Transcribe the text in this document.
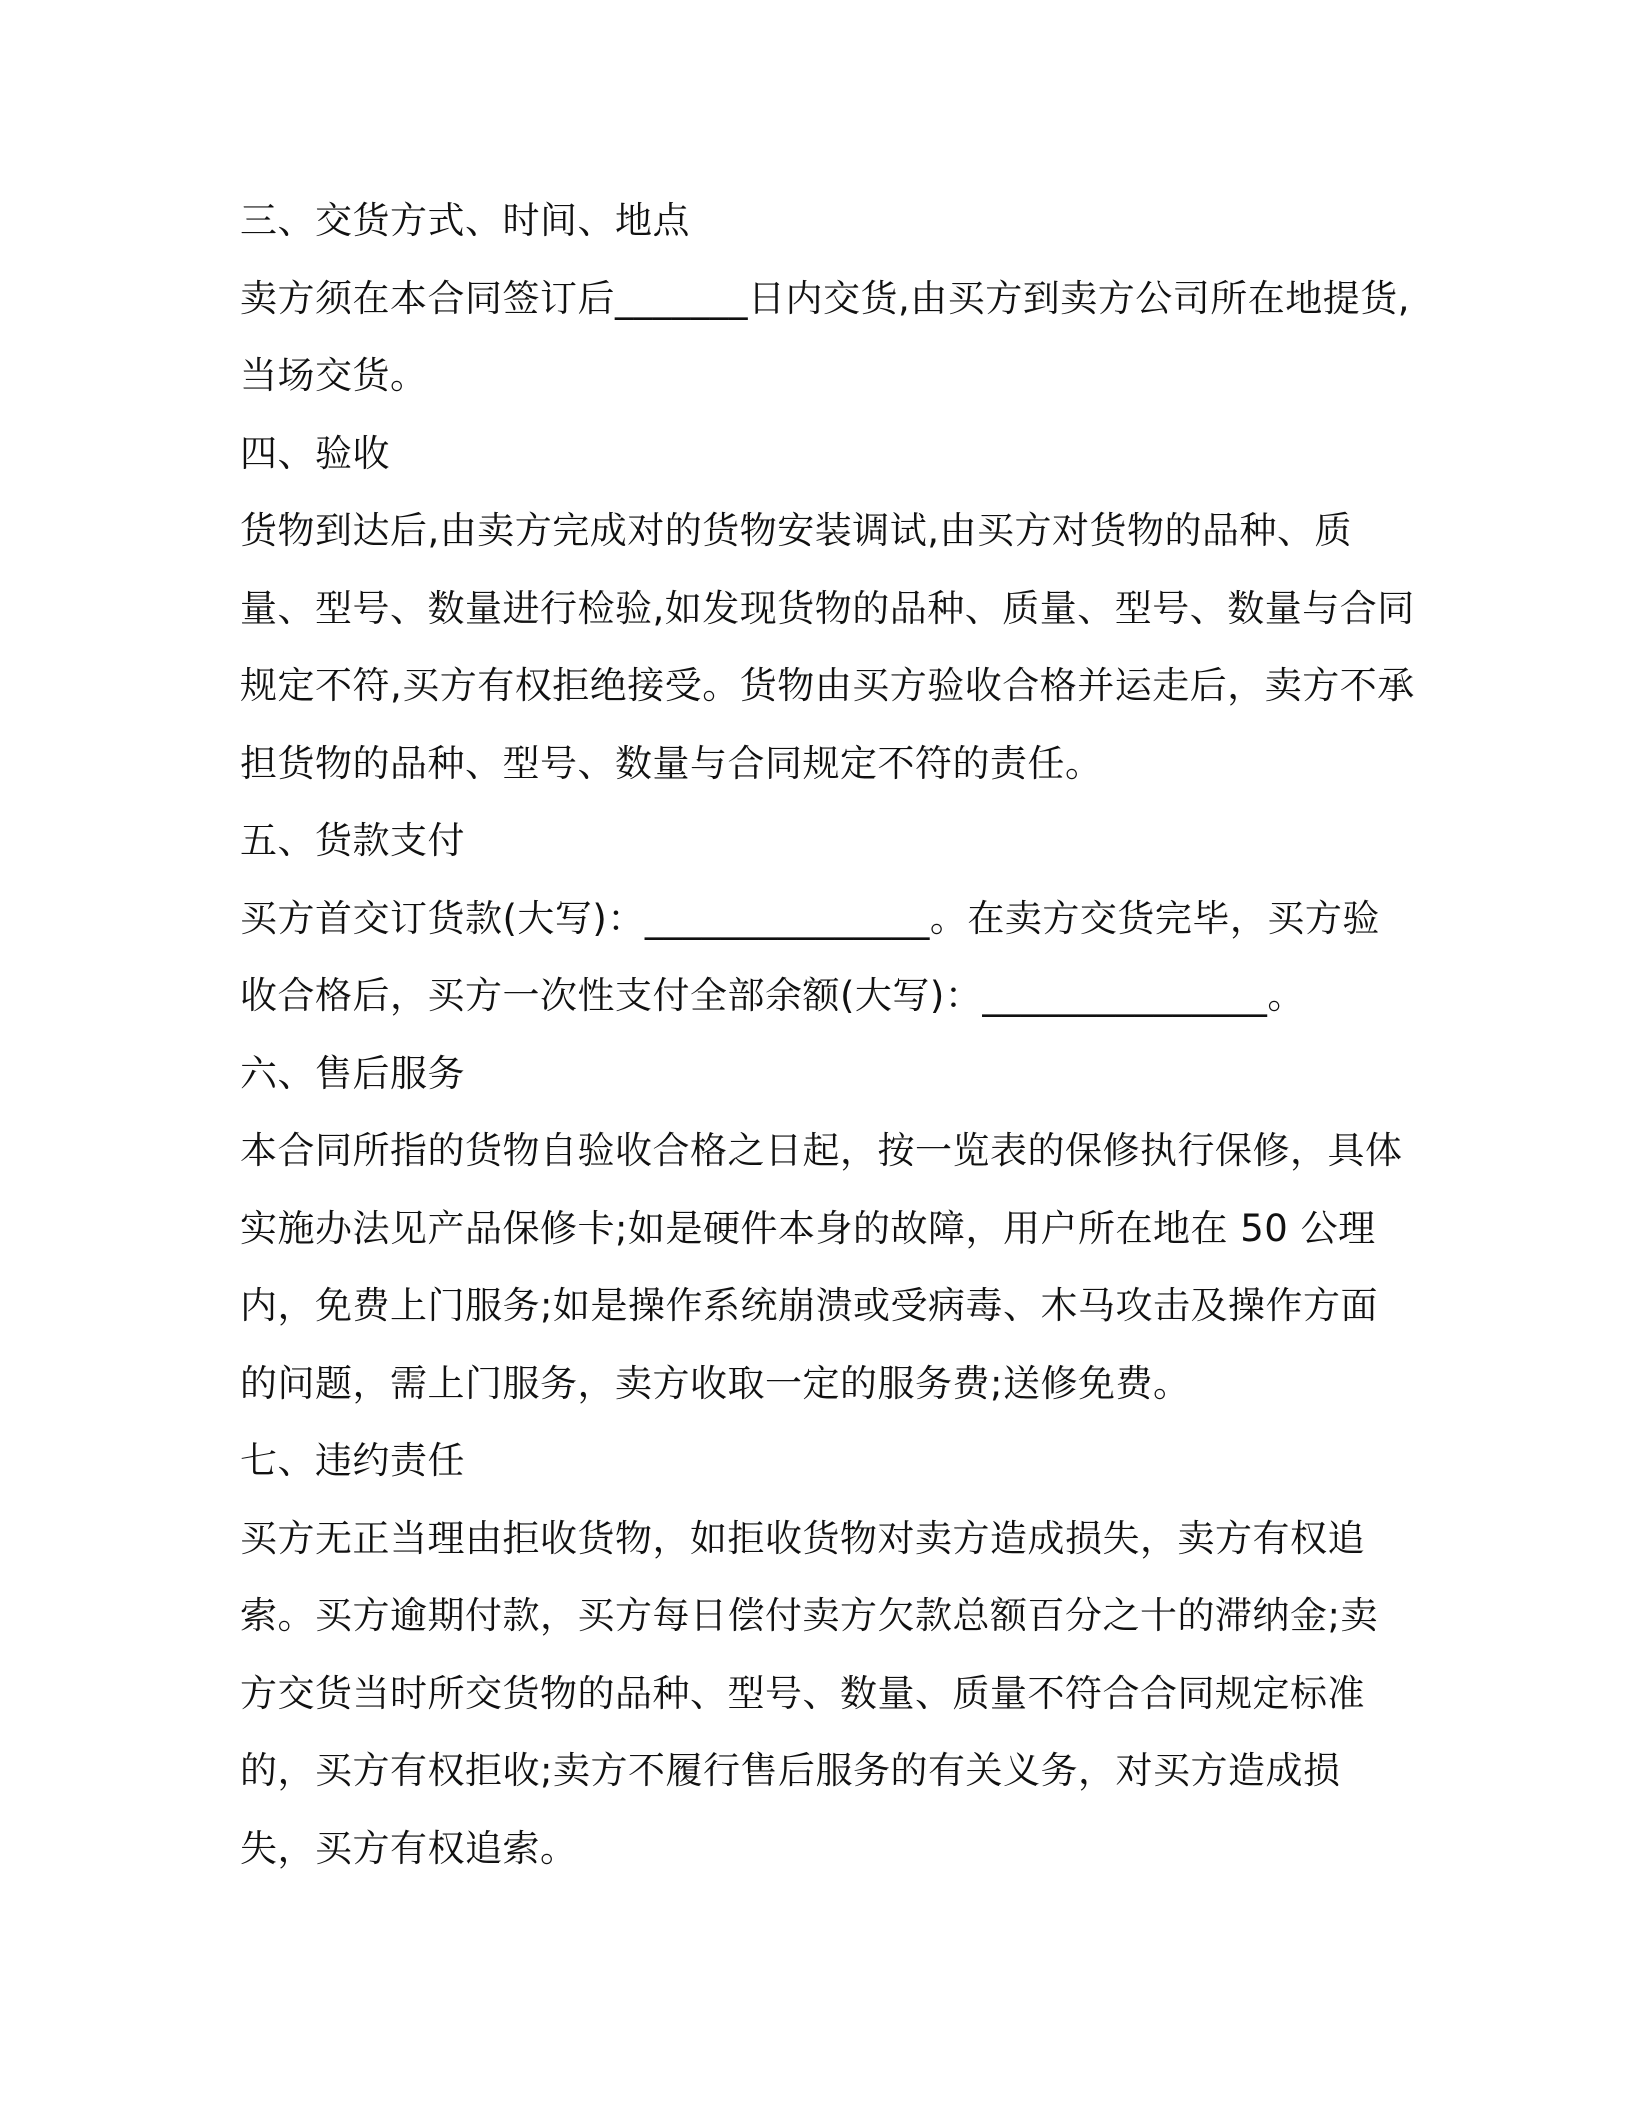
三、交货方式、时间、地点

卖方须在本合同签订后_______日内交货,由买方到卖方公司所在地提货,当场交货。

四、验收

货物到达后,由卖方完成对的货物安装调试,由买方对货物的品种、质量、型号、数量进行检验,如发现货物的品种、质量、型号、数量与合同规定不符,买方有权拒绝接受。货物由买方验收合格并运走后，卖方不承担货物的品种、型号、数量与合同规定不符的责任。

五、货款支付

买方首交订货款(大写)：_______________。在卖方交货完毕，买方验收合格后，买方一次性支付全部余额(大写)：_______________。

六、售后服务

本合同所指的货物自验收合格之日起，按一览表的保修执行保修，具体实施办法见产品保修卡;如是硬件本身的故障，用户所在地在 50 公理内，免费上门服务;如是操作系统崩溃或受病毒、木马攻击及操作方面的问题，需上门服务，卖方收取一定的服务费;送修免费。

七、违约责任

买方无正当理由拒收货物，如拒收货物对卖方造成损失，卖方有权追索。买方逾期付款，买方每日偿付卖方欠款总额百分之十的滞纳金;卖方交货当时所交货物的品种、型号、数量、质量不符合合同规定标准的，买方有权拒收;卖方不履行售后服务的有关义务，对买方造成损失，买方有权追索。
